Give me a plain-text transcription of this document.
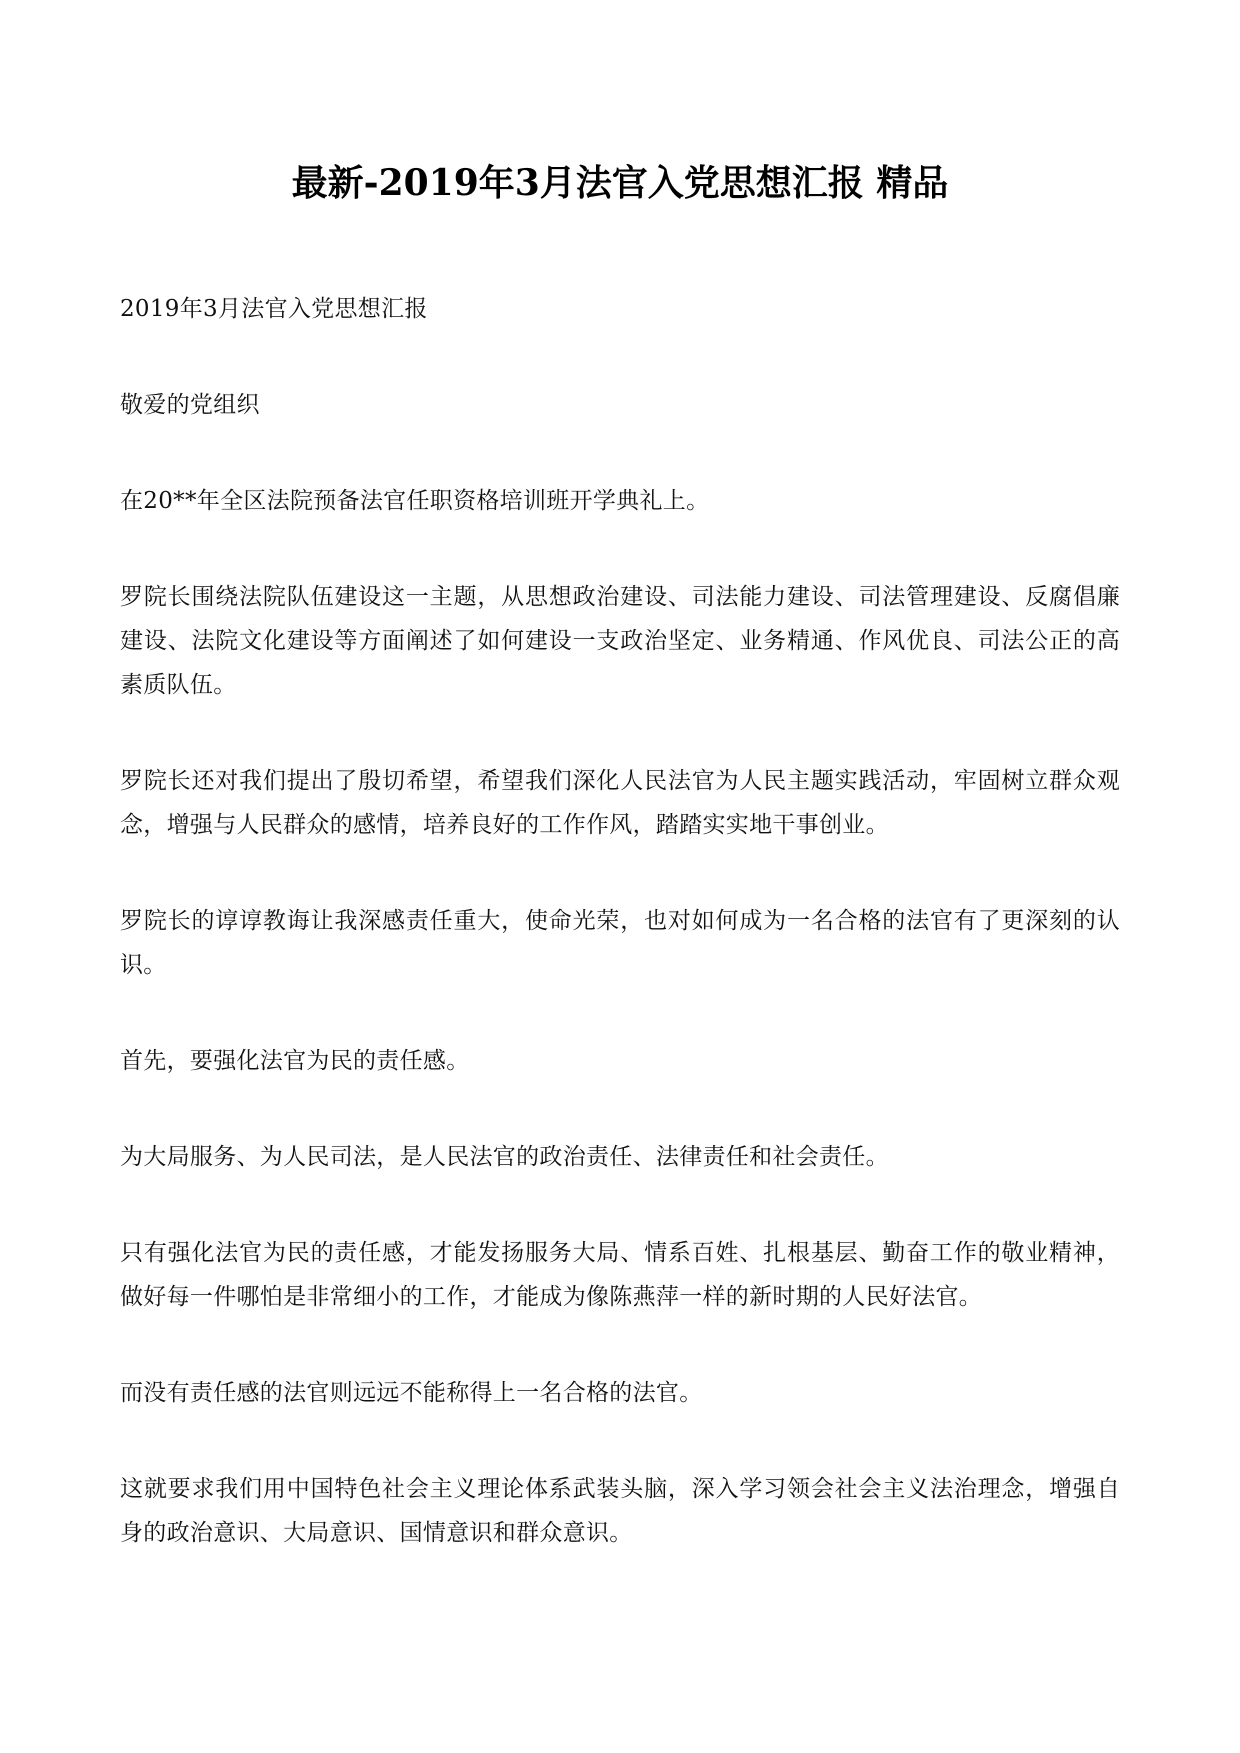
最新-2019年3月法官入党思想汇报 精品

2019年3月法官入党思想汇报

敬爱的党组织

在20**年全区法院预备法官任职资格培训班开学典礼上。

罗院长围绕法院队伍建设这一主题，从思想政治建设、司法能力建设、司法管理建设、反腐倡廉建设、法院文化建设等方面阐述了如何建设一支政治坚定、业务精通、作风优良、司法公正的高素质队伍。

罗院长还对我们提出了殷切希望，希望我们深化人民法官为人民主题实践活动，牢固树立群众观念，增强与人民群众的感情，培养良好的工作作风，踏踏实实地干事创业。

罗院长的谆谆教诲让我深感责任重大，使命光荣，也对如何成为一名合格的法官有了更深刻的认识。

首先，要强化法官为民的责任感。

为大局服务、为人民司法，是人民法官的政治责任、法律责任和社会责任。

只有强化法官为民的责任感，才能发扬服务大局、情系百姓、扎根基层、勤奋工作的敬业精神，做好每一件哪怕是非常细小的工作，才能成为像陈燕萍一样的新时期的人民好法官。

而没有责任感的法官则远远不能称得上一名合格的法官。

这就要求我们用中国特色社会主义理论体系武装头脑，深入学习领会社会主义法治理念，增强自身的政治意识、大局意识、国情意识和群众意识。
